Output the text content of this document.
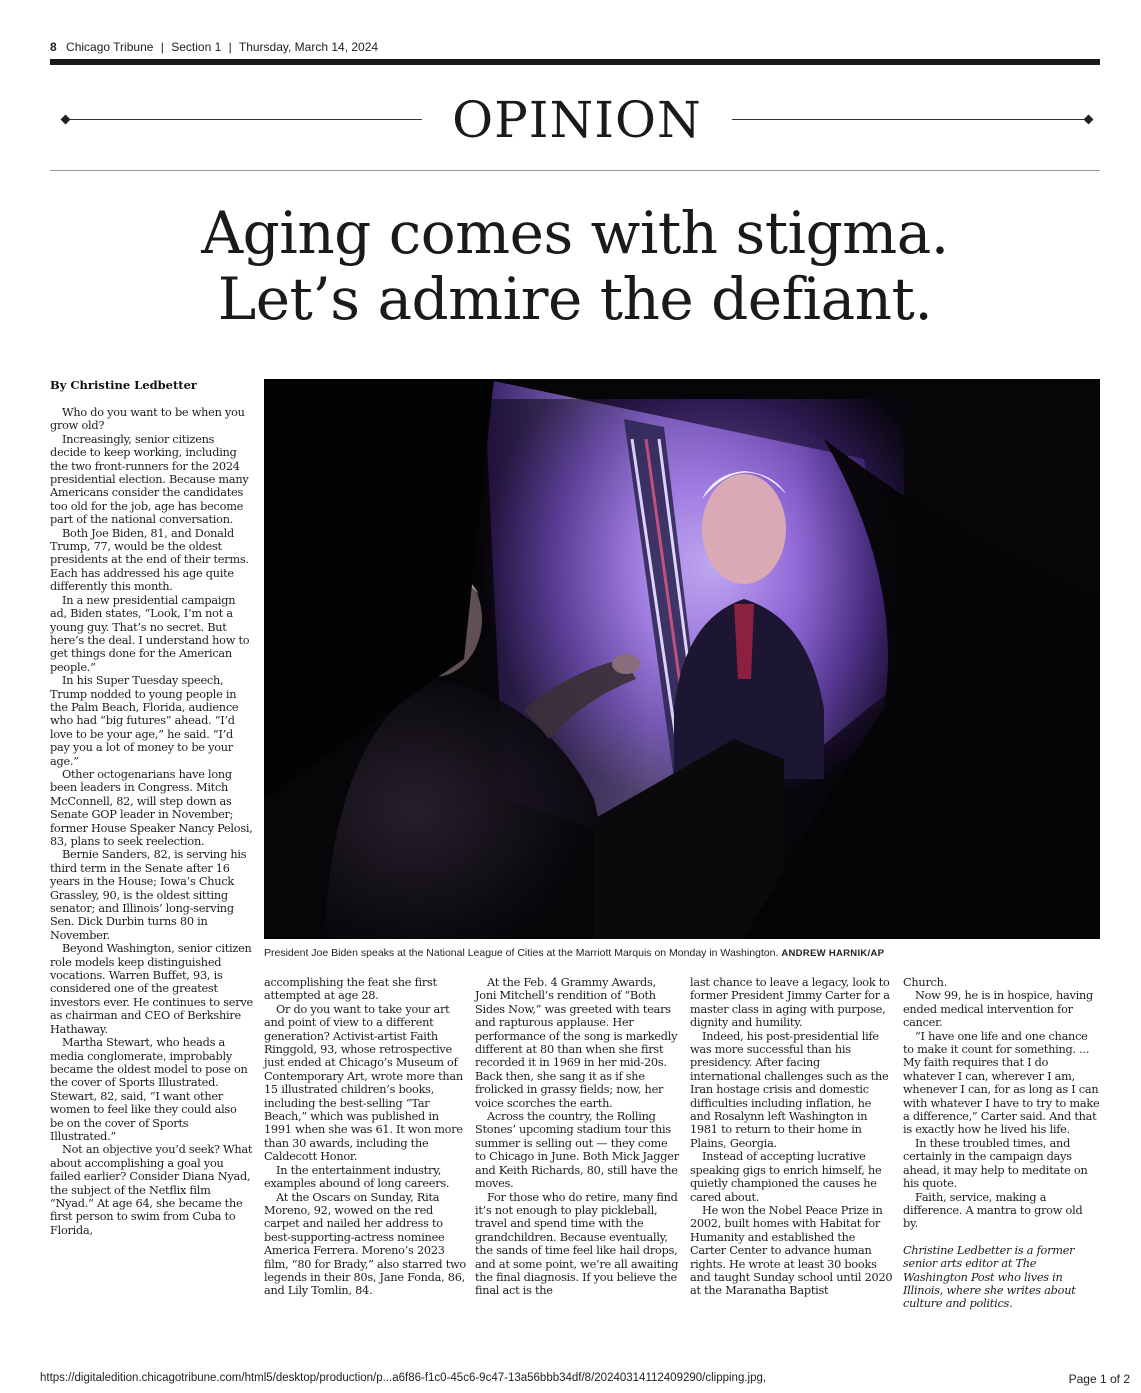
8 Chicago Tribune | Section 1 | Thursday, March 14, 2024
OPINION
Aging comes with stigma.
Let’s admire the defiant.
By Christine Ledbetter
President Joe Biden speaks at the National League of Cities at the Marriott Marquis on Monday in Washington. ANDREW HARNIK/AP

Who do you want to be when you grow old?

Increasingly, senior citizens decide to keep working, including the two front-runners for the 2024 presidential election. Because many Americans consider the candidates too old for the job, age has become part of the national conversation.

Both Joe Biden, 81, and Donald Trump, 77, would be the oldest presidents at the end of their terms. Each has addressed his age quite differently this month.

In a new presidential campaign ad, Biden states, “Look, I’m not a young guy. That’s no secret. But here’s the deal. I understand how to get things done for the American people.”

In his Super Tuesday speech, Trump nodded to young people in the Palm Beach, Florida, audience who had “big futures” ahead. “I’d love to be your age,” he said. “I’d pay you a lot of money to be your age.”

Other octogenarians have long been leaders in Congress. Mitch McConnell, 82, will step down as Senate GOP leader in November; former House Speaker Nancy Pelosi, 83, plans to seek reelection.

Bernie Sanders, 82, is serving his third term in the Senate after 16 years in the House; Iowa’s Chuck Grassley, 90, is the oldest sitting senator; and Illinois’ long-serving Sen. Dick Durbin turns 80 in November.

Beyond Washington, senior citizen role models keep distinguished vocations. Warren Buffet, 93, is considered one of the greatest investors ever. He continues to serve as chairman and CEO of Berkshire Hathaway.

Martha Stewart, who heads a media conglomerate, improbably became the oldest model to pose on the cover of Sports Illustrated. Stewart, 82, said, “I want other women to feel like they could also be on the cover of Sports Illustrated.”

Not an objective you’d seek? What about accomplishing a goal you failed earlier? Consider Diana Nyad, the subject of the Netflix film “Nyad.” At age 64, she became the first person to swim from Cuba to Florida,

accomplishing the feat she first attempted at age 28.

Or do you want to take your art and point of view to a different generation? Activist-artist Faith Ringgold, 93, whose retrospective just ended at Chicago’s Museum of Contemporary Art, wrote more than 15 illustrated children’s books, including the best-selling “Tar Beach,” which was published in 1991 when she was 61. It won more than 30 awards, including the Caldecott Honor.

In the entertainment industry, examples abound of long careers.

At the Oscars on Sunday, Rita Moreno, 92, wowed on the red carpet and nailed her address to best-supporting-actress nominee America Ferrera. Moreno’s 2023 film, “80 for Brady,” also starred two legends in their 80s, Jane Fonda, 86, and Lily Tomlin, 84.

At the Feb. 4 Grammy Awards, Joni Mitchell’s rendition of “Both Sides Now,” was greeted with tears and rapturous applause. Her performance of the song is markedly different at 80 than when she first recorded it in 1969 in her mid-20s. Back then, she sang it as if she frolicked in grassy fields; now, her voice scorches the earth.

Across the country, the Rolling Stones’ upcoming stadium tour this summer is selling out — they come to Chicago in June. Both Mick Jagger and Keith Richards, 80, still have the moves.

For those who do retire, many find it’s not enough to play pickleball, travel and spend time with the grandchildren. Because eventually, the sands of time feel like hail drops, and at some point, we’re all awaiting the final diagnosis. If you believe the final act is the

last chance to leave a legacy, look to former President Jimmy Carter for a master class in aging with purpose, dignity and humility.

Indeed, his post-presidential life was more successful than his presidency. After facing international challenges such as the Iran hostage crisis and domestic difficulties including inflation, he and Rosalynn left Washington in 1981 to return to their home in Plains, Georgia.

Instead of accepting lucrative speaking gigs to enrich himself, he quietly championed the causes he cared about.

He won the Nobel Peace Prize in 2002, built homes with Habitat for Humanity and established the Carter Center to advance human rights. He wrote at least 30 books and taught Sunday school until 2020 at the Maranatha Baptist

Church.

Now 99, he is in hospice, having ended medical intervention for cancer.

“I have one life and one chance to make it count for something. ... My faith requires that I do whatever I can, wherever I am, whenever I can, for as long as I can with whatever I have to try to make a difference,” Carter said. And that is exactly how he lived his life.

In these troubled times, and certainly in the campaign days ahead, it may help to meditate on his quote.

Faith, service, making a difference. A mantra to grow old by.

Christine Ledbetter is a former senior arts editor at The Washington Post who lives in Illinois, where she writes about culture and politics.

https://digitaledition.chicagotribune.com/html5/desktop/production/p...a6f86-f1c0-45c6-9c47-13a56bbb34df/8/20240314112409290/clipping.jpg,	Page 1 of 2
